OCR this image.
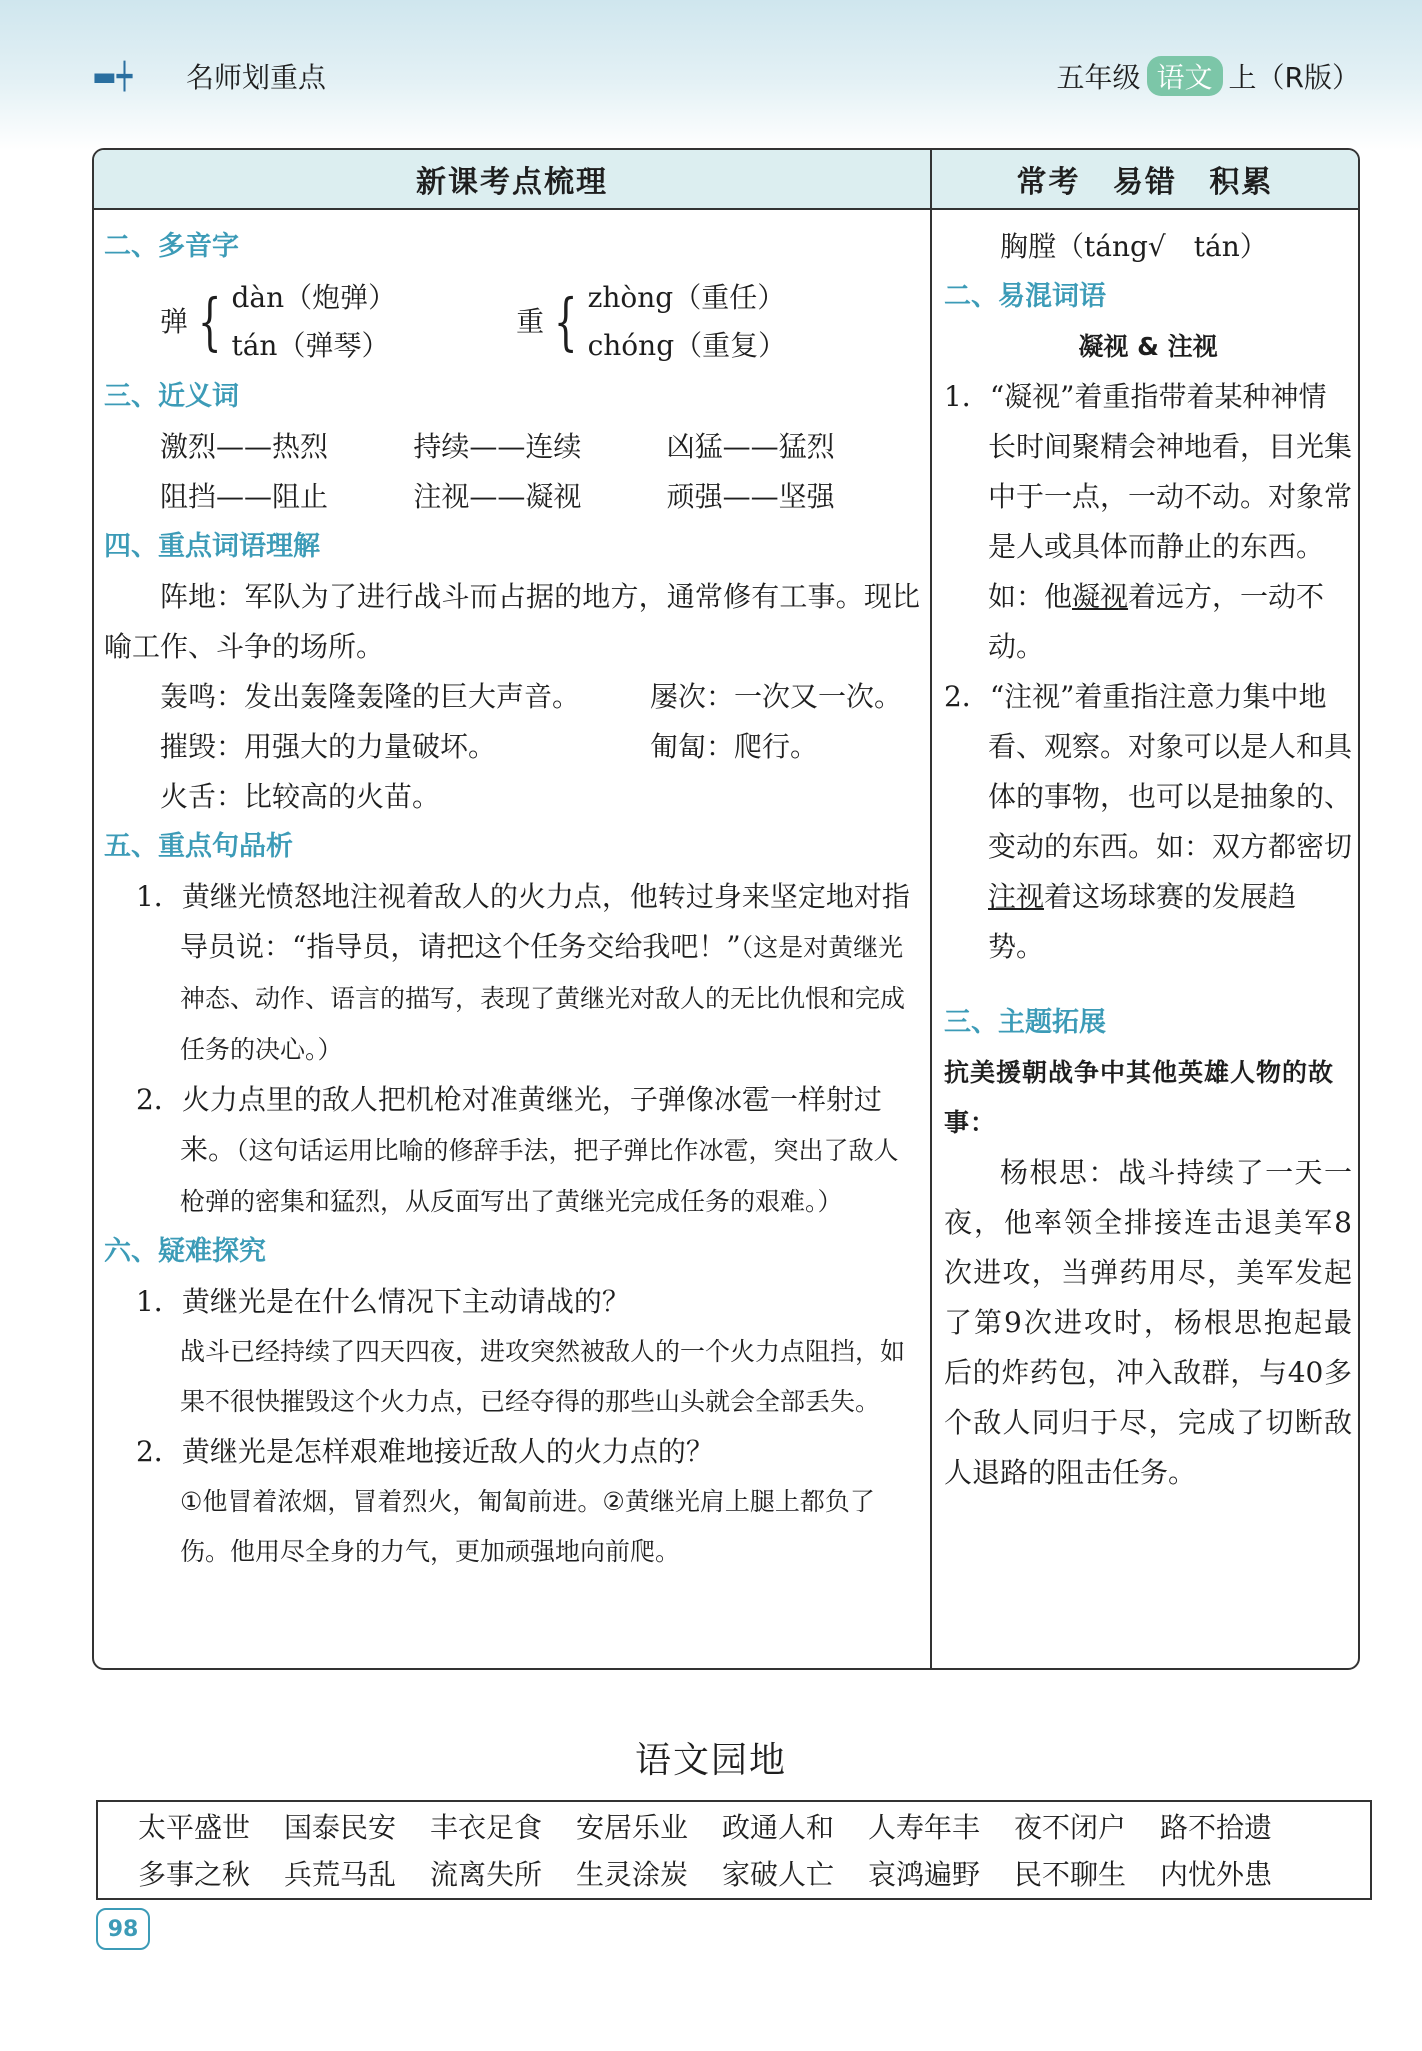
▬┿	名师划重点	五年级 语文 上（R版）
新课考点梳理	常考 易错 积累
二、多音字
弹 { dàn（炮弹）
tán（弹琴）
重 { zhòng（重任）
chóng（重复）
三、近义词
激烈——热烈	持续——连续	凶猛——猛烈
阻挡——阻止	注视——凝视	顽强——坚强
四、重点词语理解
阵地：军队为了进行战斗而占据的地方，通常修有工事。现比喻工作、斗争的场所。
轰鸣：发出轰隆轰隆的巨大声音。	屡次：一次又一次。
摧毁：用强大的力量破坏。	匍匐：爬行。
火舌：比较高的火苗。
五、重点句品析
1．黄继光愤怒地注视着敌人的火力点，他转过身来坚定地对指导员说：“指导员，请把这个任务交给我吧！”（这是对黄继光神态、动作、语言的描写，表现了黄继光对敌人的无比仇恨和完成任务的决心。）
2．火力点里的敌人把机枪对准黄继光，子弹像冰雹一样射过来。（这句话运用比喻的修辞手法，把子弹比作冰雹，突出了敌人枪弹的密集和猛烈，从反面写出了黄继光完成任务的艰难。）
六、疑难探究
1．黄继光是在什么情况下主动请战的？
战斗已经持续了四天四夜，进攻突然被敌人的一个火力点阻挡，如果不很快摧毁这个火力点，已经夺得的那些山头就会全部丢失。
2．黄继光是怎样艰难地接近敌人的火力点的？
①他冒着浓烟，冒着烈火，匍匐前进。②黄继光肩上腿上都负了伤。他用尽全身的力气，更加顽强地向前爬。
胸膛（táng√　tán）
二、易混词语
凝视 & 注视
1．“凝视”着重指带着某种神情长时间聚精会神地看，目光集中于一点，一动不动。对象常是人或具体而静止的东西。如：他凝视着远方，一动不动。
2．“注视”着重指注意力集中地看、观察。对象可以是人和具体的事物，也可以是抽象的、变动的东西。如：双方都密切注视着这场球赛的发展趋势。
三、主题拓展
抗美援朝战争中其他英雄人物的故事：
杨根思：战斗持续了一天一夜，他率领全排接连击退美军8次进攻，当弹药用尽，美军发起了第9次进攻时，杨根思抱起最后的炸药包，冲入敌群，与40多个敌人同归于尽，完成了切断敌人退路的阻击任务。
语文园地
太平盛世	国泰民安	丰衣足食	安居乐业	政通人和	人寿年丰	夜不闭户	路不拾遗
多事之秋	兵荒马乱	流离失所	生灵涂炭	家破人亡	哀鸿遍野	民不聊生	内忧外患
98
